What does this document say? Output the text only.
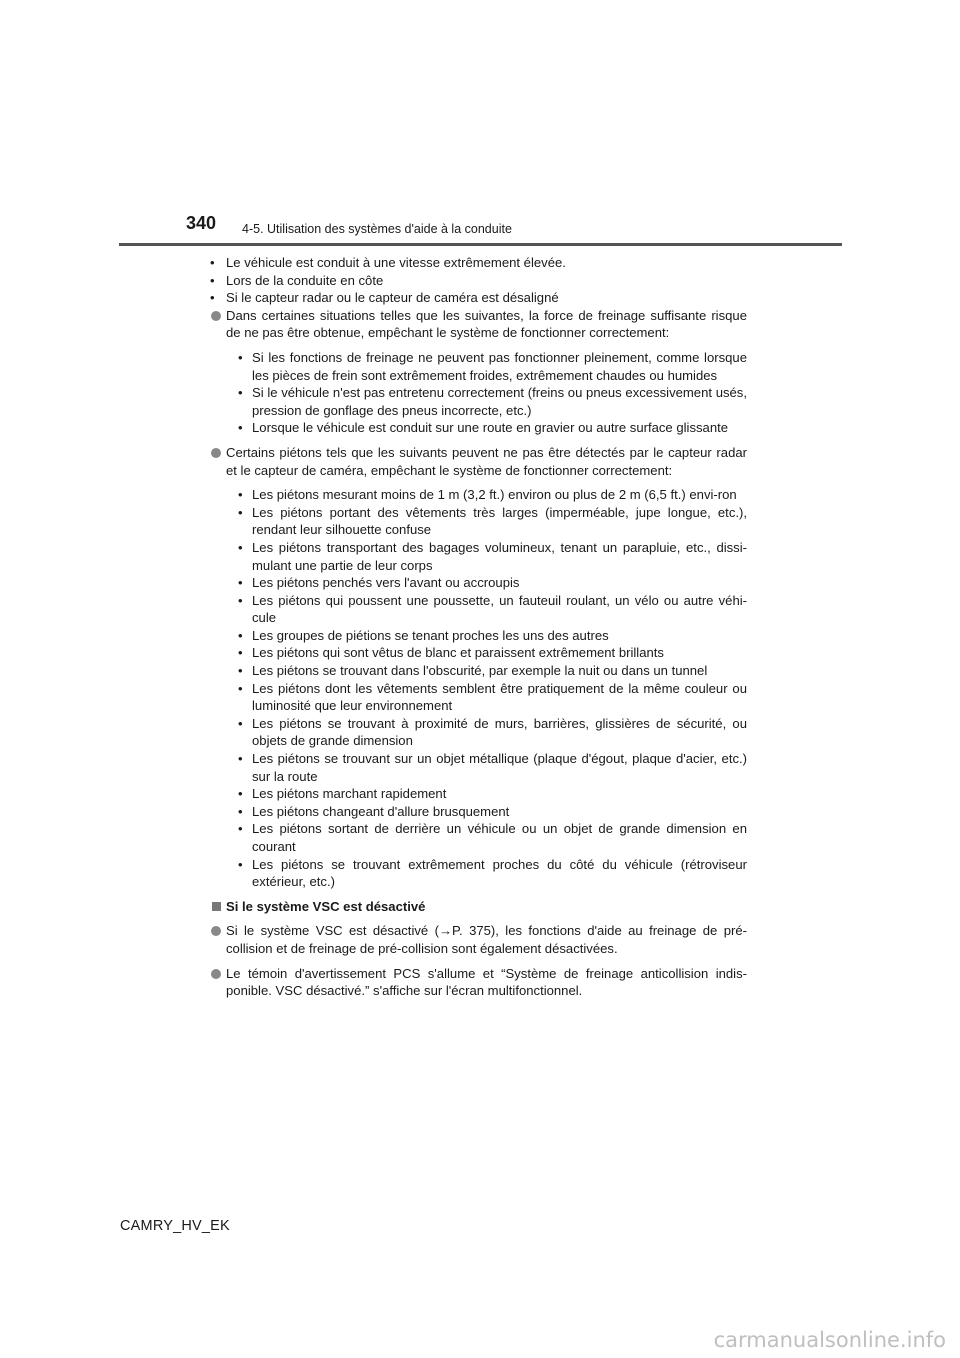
340 4-5. Utilisation des systèmes d'aide à la conduite
• Le véhicule est conduit à une vitesse extrêmement élevée.
• Lors de la conduite en côte
• Si le capteur radar ou le capteur de caméra est désaligné
Dans certaines situations telles que les suivantes, la force de freinage suffisante risque de ne pas être obtenue, empêchant le système de fonctionner correctement:
• Si les fonctions de freinage ne peuvent pas fonctionner pleinement, comme lorsque les pièces de frein sont extrêmement froides, extrêmement chaudes ou humides
• Si le véhicule n'est pas entretenu correctement (freins ou pneus excessivement usés, pression de gonflage des pneus incorrecte, etc.)
• Lorsque le véhicule est conduit sur une route en gravier ou autre surface glissante
Certains piétons tels que les suivants peuvent ne pas être détectés par le capteur radar et le capteur de caméra, empêchant le système de fonctionner correctement:
• Les piétons mesurant moins de 1 m (3,2 ft.) environ ou plus de 2 m (6,5 ft.) envi-ron
• Les piétons portant des vêtements très larges (imperméable, jupe longue, etc.), rendant leur silhouette confuse
• Les piétons transportant des bagages volumineux, tenant un parapluie, etc., dissi-mulant une partie de leur corps
• Les piétons penchés vers l'avant ou accroupis
• Les piétons qui poussent une poussette, un fauteuil roulant, un vélo ou autre véhi-cule
• Les groupes de piétions se tenant proches les uns des autres
• Les piétons qui sont vêtus de blanc et paraissent extrêmement brillants
• Les piétons se trouvant dans l'obscurité, par exemple la nuit ou dans un tunnel
• Les piétons dont les vêtements semblent être pratiquement de la même couleur ou luminosité que leur environnement
• Les piétons se trouvant à proximité de murs, barrières, glissières de sécurité, ou objets de grande dimension
• Les piétons se trouvant sur un objet métallique (plaque d'égout, plaque d'acier, etc.) sur la route
• Les piétons marchant rapidement
• Les piétons changeant d'allure brusquement
• Les piétons sortant de derrière un véhicule ou un objet de grande dimension en courant
• Les piétons se trouvant extrêmement proches du côté du véhicule (rétroviseur extérieur, etc.)
Si le système VSC est désactivé
Si le système VSC est désactivé (→P. 375), les fonctions d'aide au freinage de pré-collision et de freinage de pré-collision sont également désactivées.
Le témoin d'avertissement PCS s'allume et “Système de freinage anticollision indis-ponible. VSC désactivé.” s'affiche sur l'écran multifonctionnel.
CAMRY_HV_EK
carmanualsonline.info
